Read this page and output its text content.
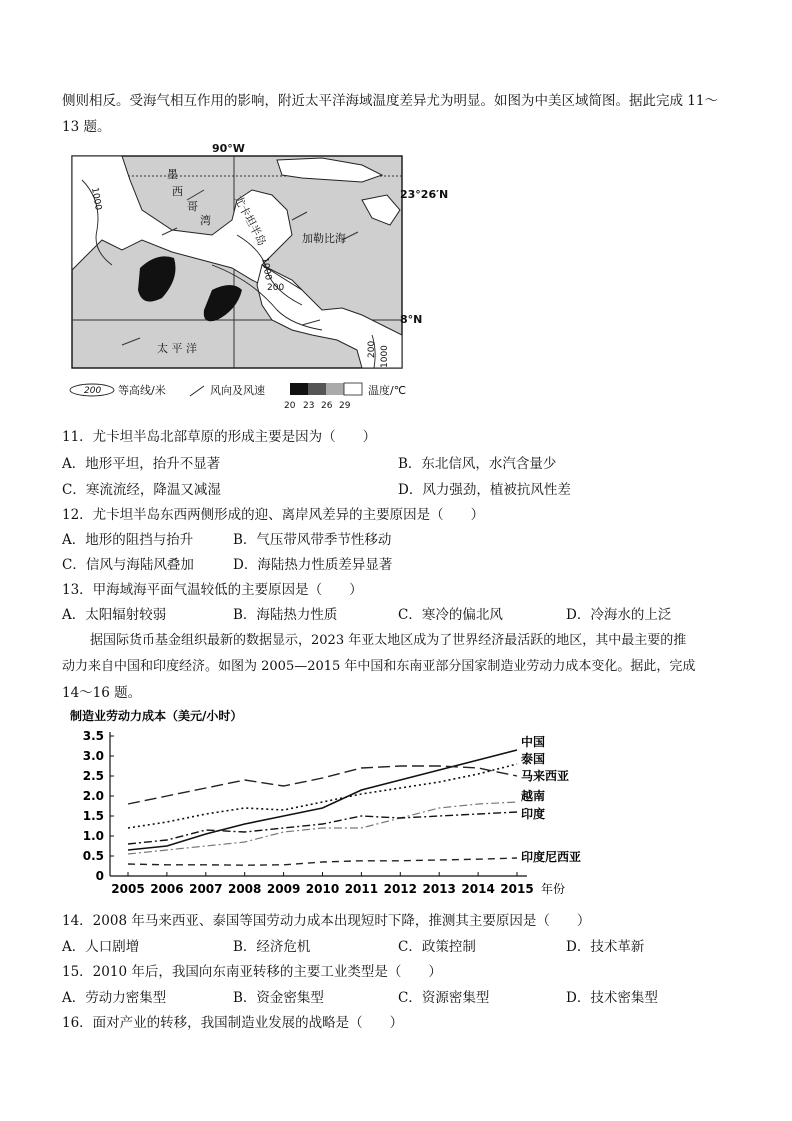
侧则相反。受海气相互作用的影响，附近太平洋海域温度差异尤为明显。如图为中美区域简图。据此完成 11～
13 题。
90°W
23°26′N
8°N
墨
西
哥
湾 尤卡坦半岛	加勒比海
太 平 洋
1000
1000
200
200 1000
200 等高线/米	风向及风速	温度/℃
20 23 26 29
11．尤卡坦半岛北部草原的形成主要是因为（　　）
A．地形平坦，抬升不显著	B．东北信风，水汽含量少
C．寒流流经，降温又减湿	D．风力强劲，植被抗风性差
12．尤卡坦半岛东西两侧形成的迎、离岸风差异的主要原因是（　　）
A．地形的阻挡与抬升	B．气压带风带季节性移动
C．信风与海陆风叠加	D．海陆热力性质差异显著
13．甲海域海平面气温较低的主要原因是（　　）
A．太阳辐射较弱	B．海陆热力性质	C．寒冷的偏北风	D．冷海水的上泛
据国际货币基金组织最新的数据显示，2023 年亚太地区成为了世界经济最活跃的地区，其中最主要的推
动力来自中国和印度经济。如图为 2005—2015 年中国和东南亚部分国家制造业劳动力成本变化。据此，完成
14～16 题。
制造业劳动力成本（美元/小时）
3.5
3.0
2.5
2.0
1.5
1.0
0.5
0
2005 2006 2007 2008 2009 2010 2011 2012 2013 2014 2015 年份
中国
泰国
马来西亚
越南
印度
印度尼西亚
14．2008 年马来西亚、泰国等国劳动力成本出现短时下降，推测其主要原因是（　　）
A．人口剧增	B．经济危机	C．政策控制	D．技术革新
15．2010 年后，我国向东南亚转移的主要工业类型是（　　）
A．劳动力密集型	B．资金密集型	C．资源密集型	D．技术密集型
16．面对产业的转移，我国制造业发展的战略是（　　）
